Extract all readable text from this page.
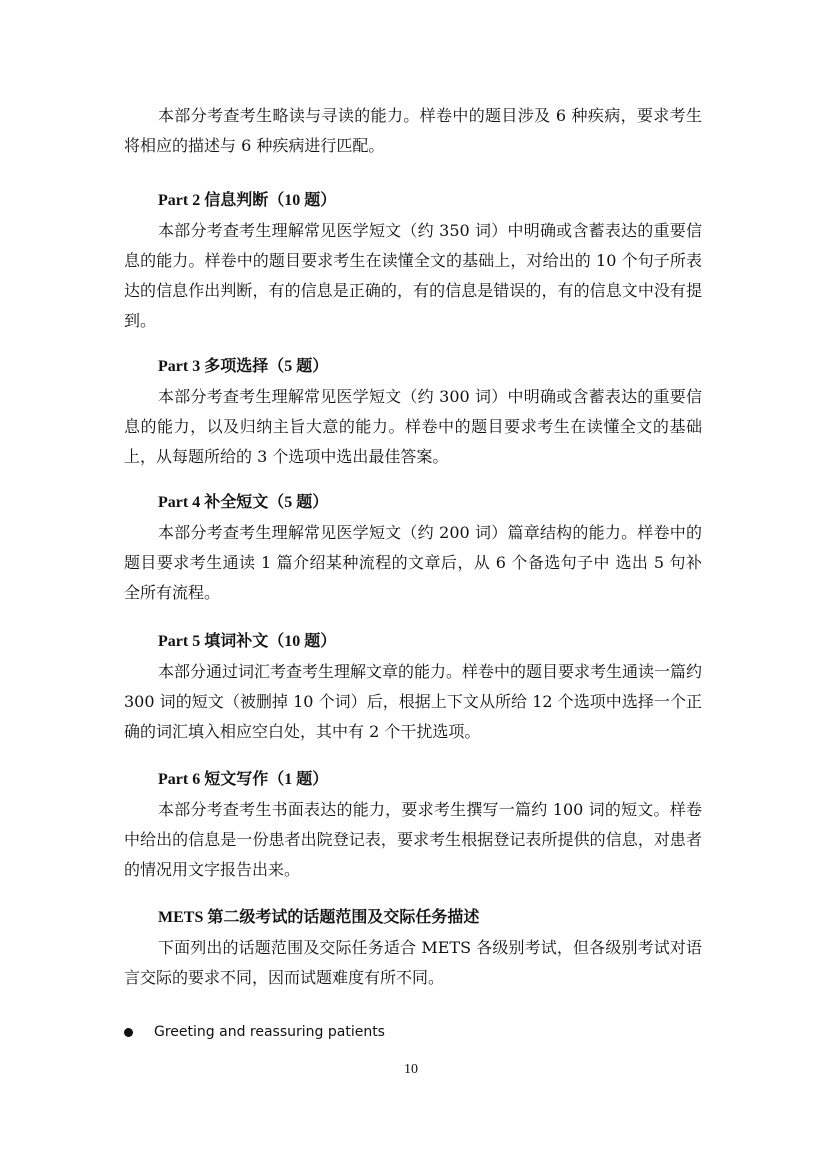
本部分考查考生略读与寻读的能力。样卷中的题目涉及 6 种疾病，要求考生将相应的描述与 6 种疾病进行匹配。

Part 2 信息判断（10 题）

本部分考查考生理解常见医学短文（约 350 词）中明确或含蓄表达的重要信息的能力。样卷中的题目要求考生在读懂全文的基础上，对给出的 10 个句子所表达的信息作出判断，有的信息是正确的，有的信息是错误的，有的信息文中没有提到。

Part 3 多项选择（5 题）

本部分考查考生理解常见医学短文（约 300 词）中明确或含蓄表达的重要信息的能力，以及归纳主旨大意的能力。样卷中的题目要求考生在读懂全文的基础上，从每题所给的 3 个选项中选出最佳答案。

Part 4 补全短文（5 题）

本部分考查考生理解常见医学短文（约 200 词）篇章结构的能力。样卷中的题目要求考生通读 1 篇介绍某种流程的文章后，从 6 个备选句子中 选出 5 句补全所有流程。

Part 5 填词补文（10 题）

本部分通过词汇考查考生理解文章的能力。样卷中的题目要求考生通读一篇约 300 词的短文（被删掉 10 个词）后，根据上下文从所给 12 个选项中选择一个正确的词汇填入相应空白处，其中有 2 个干扰选项。

Part 6 短文写作（1 题）

本部分考查考生书面表达的能力，要求考生撰写一篇约 100 词的短文。样卷中给出的信息是一份患者出院登记表，要求考生根据登记表所提供的信息，对患者的情况用文字报告出来。

METS 第二级考试的话题范围及交际任务描述

下面列出的话题范围及交际任务适合 METS 各级别考试，但各级别考试对语言交际的要求不同，因而试题难度有所不同。

Greeting and reassuring patients
10
